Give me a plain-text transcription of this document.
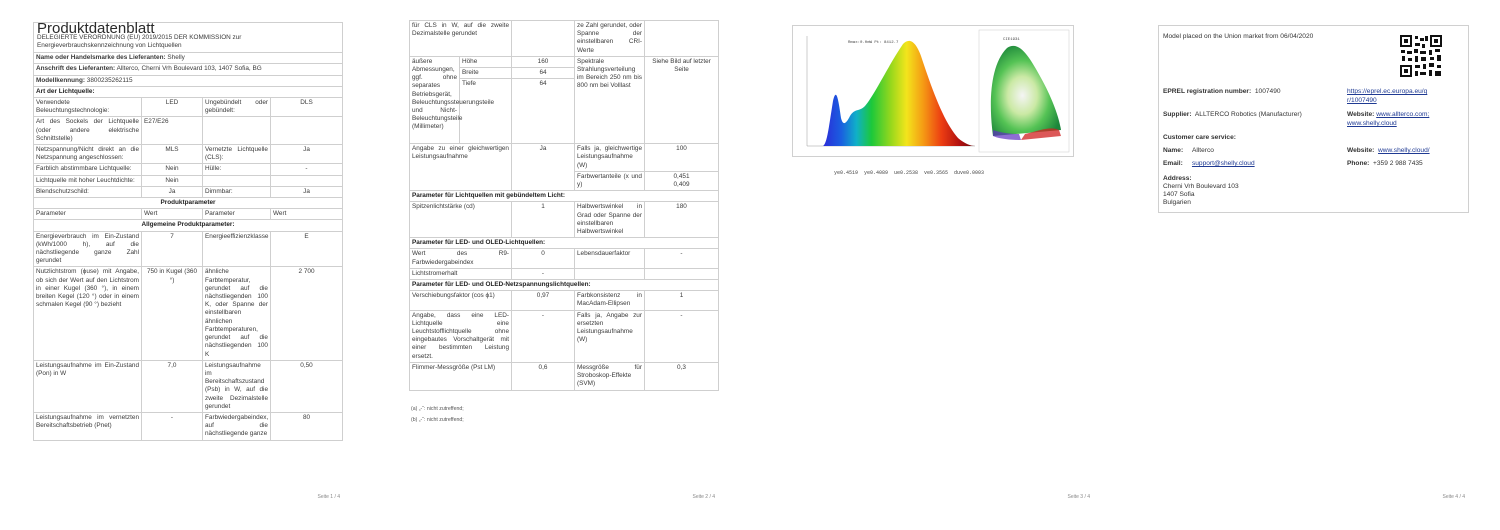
Produktdatenblatt
DELEGIERTE VERORDNUNG (EU) 2019/2015 DER KOMMISSION zur Energieverbrauchskennzeichnung von Lichtquellen			

Name oder Handelsmarke des Lieferanten: Shelly			
Anschrift des Lieferanten: Allterco, Cherni Vrh Boulevard 103, 1407 Sofia, BG			
Modellkennung: 3800235262115			
Art der Lichtquelle:			
Verwendete Beleuchtungstechnologie:	LED	Ungebündelt oder gebündelt:	DLS
Art des Sockels der Lichtquelle (oder andere elektrische Schnittstelle)	E27/E26		
Netzspannung/Nicht direkt an die Netzspannung angeschlossen:	MLS	Vernetzte Lichtquelle (CLS):	Ja
Farblich abstimmbare Lichtquelle:	Nein	Hülle:	-
Lichtquelle mit hoher Leuchtdichte:	Nein		
Blendschutzschild:	Ja	Dimmbar:	Ja
Produktparameter			
Parameter	Wert	Parameter	Wert
Allgemeine Produktparameter:			
Energieverbrauch im Ein-Zustand (kWh/1000 h), auf die nächstliegende ganze Zahl gerundet	7	Energieeffizienzklasse	E
Nutzlichtstrom (ϕuse) mit Angabe, ob sich der Wert auf den Lichtstrom in einer Kugel (360 °), in einem breiten Kegel (120 °) oder in einem schmalen Kegel (90 °) bezieht	750 in Kugel (360 °)	ähnliche Farbtemperatur, gerundet auf die nächstliegenden 100 K, oder Spanne der einstellbaren ähnlichen Farbtemperaturen, gerundet auf die nächstliegenden 100 K	2 700
Leistungsaufnahme im Ein-Zustand (Pon) in W	7,0	Leistungsaufnahme im Bereitschaftszustand (Psb) in W, auf die zweite Dezimalstelle gerundet	0,50
Leistungsaufnahme im vernetzten Bereitschaftsbetrieb (Pnet)	-	Farbwiedergabeindex, auf die nächstliegende ganze	80
Seite 1 / 4
für CLS in W, auf die zweite Dezimalstelle gerundet			ze Zahl gerundet, oder Spanne der einstellbaren CRI-Werte	
äußere Abmessungen, ggf. ohne separates Betriebsgerät, Beleuchtungssteuerungsteile und Nicht-Beleuchtungsteile (Millimeter)	Höhe	160	Spektrale Strahlungsverteilung im Bereich 250 nm bis 800 nm bei Volllast	Siehe Bild auf letzter Seite
	Breite	64		
	Tiefe	64		
Angabe zu einer gleichwertigen Leistungsaufnahme		Ja	Falls ja, gleichwertige Leistungsaufnahme (W)	100
			Farbwertanteile (x und y)	0,451
0,409

Parameter für Lichtquellen mit gebündeltem Licht:				
Spitzenlichtstärke (cd)		1	Halbwertswinkel in Grad oder Spanne der einstellbaren Halbwertswinkel	180
Parameter für LED- und OLED-Lichtquellen:				
Wert des R9-Farbwiedergabeindex		0	Lebensdauerfaktor	-
Lichtstromerhalt		-		
Parameter für LED- und OLED-Netzspannungslichtquellen:				
Verschiebungsfaktor (cos ϕ1)		0,97	Farbkonsistenz in MacAdam-Ellipsen	1
Angabe, dass eine LED-Lichtquelle eine Leuchtstofflichtquelle ohne eingebautes Vorschaltgerät mit einer bestimmten Leistung ersetzt.		-	Falls ja, Angabe zur ersetzten Leistungsaufnahme (W)	-
Flimmer-Messgröße (Pst LM)		0,6	Messgröße für Stroboskop-Effekte (SVM)	0,3
(a) „-“: nicht zutreffend;
(b) „-“: nicht zutreffend;
Seite 2 / 4
Rmax:0.0mW Pt: 8412.7
CIE1931
ye0.4519  ye0.4089  ue0.2538  ve0.3565  duve0.0003
Seite 3 / 4
Model placed on the Union market from 06/04/2020
EPREL registration number: 1007490	https://eprel.ec.europa.eu/qr/1007490
Supplier: ALLTERCO Robotics (Manufacturer)	Website: www.allterco.com; www.shelly.cloud
Customer care service:
Name: Allterco	Website: www.shelly.cloud/
Email: support@shelly.cloud	Phone: +359 2 988 7435
Address:
Cherni Vrh Boulevard 103
1407 Sofia
Bulgarien
Seite 4 / 4
